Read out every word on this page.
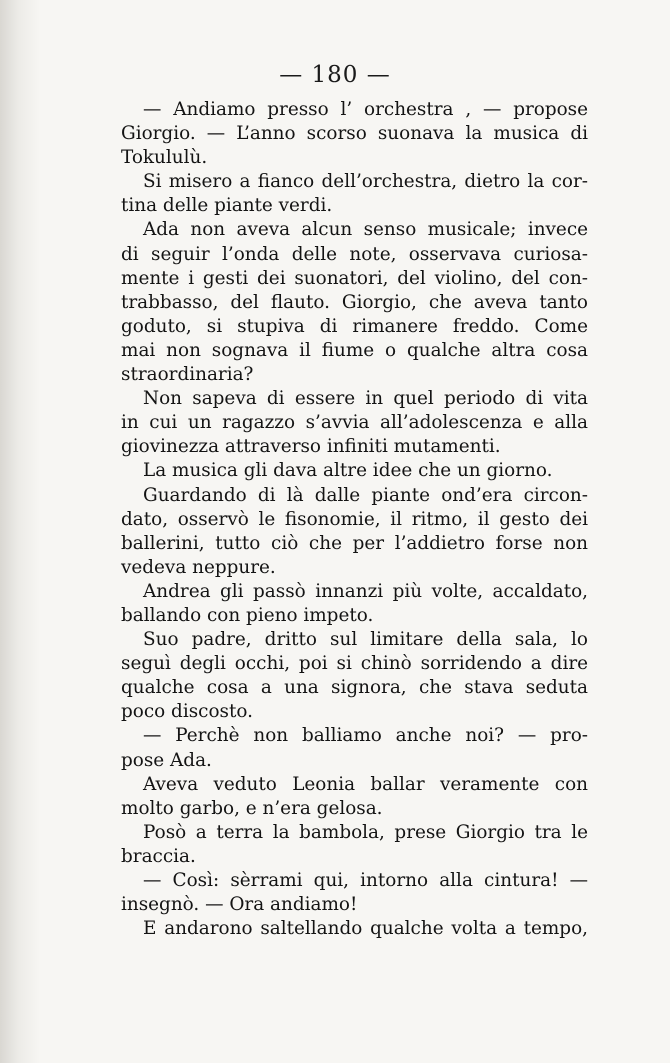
— 180 —
— Andiamo presso l’ orchestra , — propose
Giorgio. — L’anno scorso suonava la musica di
Tokululù.
Si misero a fianco dell’orchestra, dietro la cor-
tina delle piante verdi.
Ada non aveva alcun senso musicale; invece
di seguir l’onda delle note, osservava curiosa-
mente i gesti dei suonatori, del violino, del con-
trabbasso, del flauto. Giorgio, che aveva tanto
goduto, si stupiva di rimanere freddo. Come
mai non sognava il fiume o qualche altra cosa
straordinaria?
Non sapeva di essere in quel periodo di vita
in cui un ragazzo s’avvia all’adolescenza e alla
giovinezza attraverso infiniti mutamenti.
La musica gli dava altre idee che un giorno.
Guardando di là dalle piante ond’era circon-
dato, osservò le fisonomie, il ritmo, il gesto dei
ballerini, tutto ciò che per l’addietro forse non
vedeva neppure.
Andrea gli passò innanzi più volte, accaldato,
ballando con pieno impeto.
Suo padre, dritto sul limitare della sala, lo
seguì degli occhi, poi si chinò sorridendo a dire
qualche cosa a una signora, che stava seduta
poco discosto.
— Perchè non balliamo anche noi? — pro-
pose Ada.
Aveva veduto Leonia ballar veramente con
molto garbo, e n’era gelosa.
Posò a terra la bambola, prese Giorgio tra le
braccia.
— Così: sèrrami qui, intorno alla cintura! —
insegnò. — Ora andiamo!
E andarono saltellando qualche volta a tempo,
